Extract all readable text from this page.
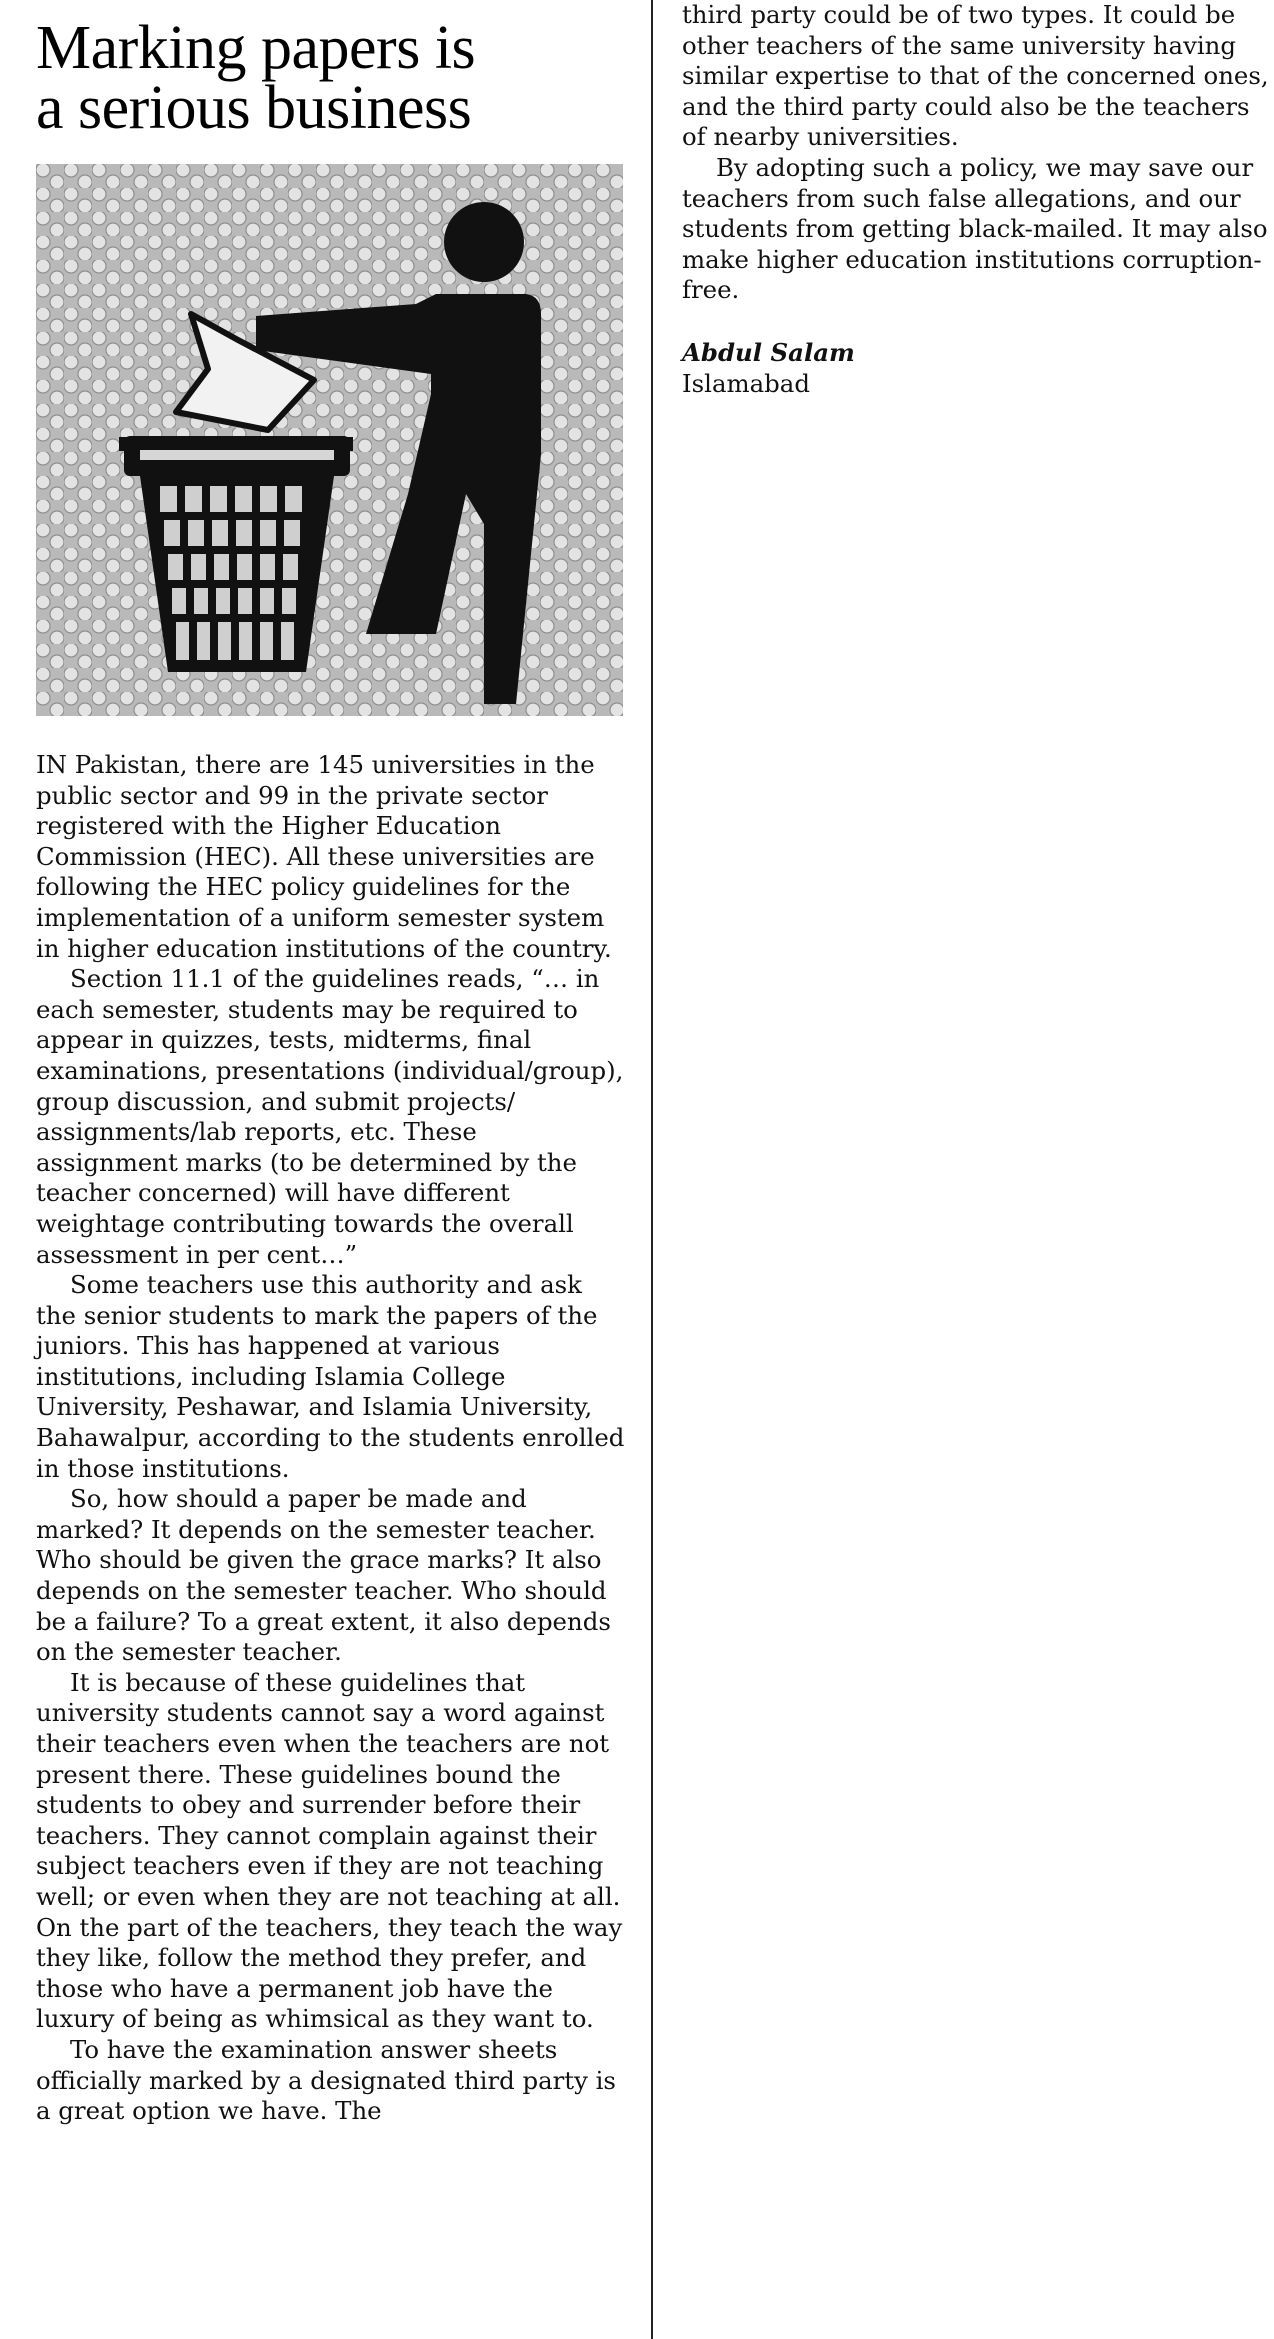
Marking papers is
a serious business

IN Pakistan, there are 145 universities in the public sector and 99 in the private sector registered with the Higher Education Commission (HEC). All these universities are following the HEC policy guidelines for the implementation of a uniform semester system in higher education institutions of the country.

Section 11.1 of the guidelines reads, “… in each semester, students may be required to appear in quizzes, tests, midterms, final examinations, presentations (individual/group), group discussion, and submit projects/ assignments/lab reports, etc. These assignment marks (to be determined by the teacher concerned) will have different weightage contributing towards the overall assessment in per cent…”

Some teachers use this authority and ask the senior students to mark the papers of the juniors. This has happened at various institutions, including Islamia College University, Peshawar, and Islamia University, Bahawalpur, according to the students enrolled in those institutions.

So, how should a paper be made and marked? It depends on the semester teacher. Who should be given the grace marks? It also depends on the semester teacher. Who should be a failure? To a great extent, it also depends on the semester teacher.

It is because of these guidelines that university students cannot say a word against their teachers even when the teachers are not present there. These guidelines bound the students to obey and surrender before their teachers. They cannot complain against their subject teachers even if they are not teaching well; or even when they are not teaching at all. On the part of the teachers, they teach the way they like, follow the method they prefer, and those who have a permanent job have the luxury of being as whimsical as they want to.

To have the examination answer sheets officially marked by a designated third party is a great option we have. The

third party could be of two types. It could be other teachers of the same university having similar expertise to that of the concerned ones, and the third party could also be the teachers of nearby universities.

By adopting such a policy, we may save our teachers from such false allegations, and our students from getting black-mailed. It may also make higher education institutions corruption-free.

Abdul Salam
Islamabad
